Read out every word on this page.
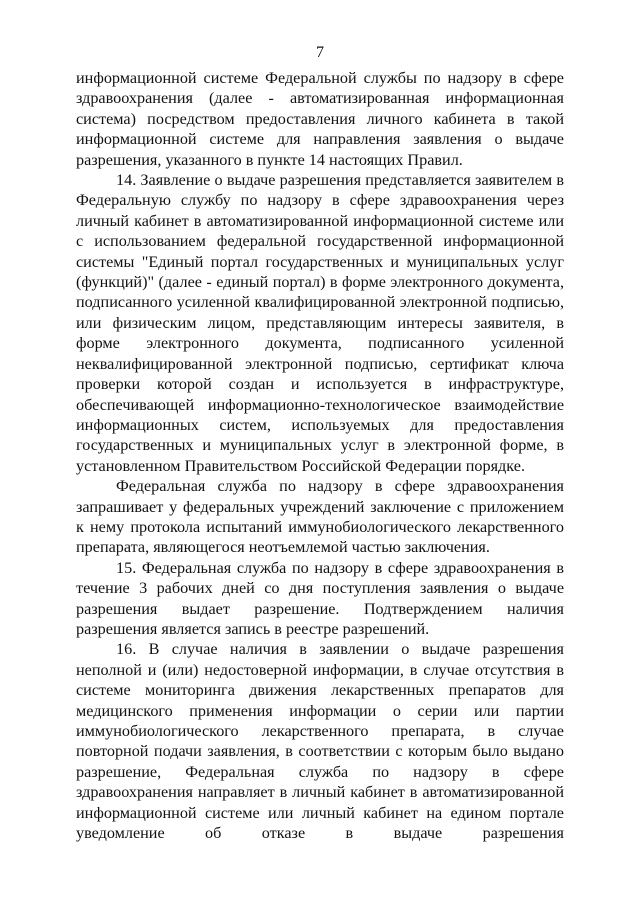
7

информационной системе Федеральной службы по надзору в сфере здравоохранения (далее - автоматизированная информационная система) посредством предоставления личного кабинета в такой информационной системе для направления заявления о выдаче разрешения, указанного в пункте 14 настоящих Правил.

14. Заявление о выдаче разрешения представляется заявителем в Федеральную службу по надзору в сфере здравоохранения через личный кабинет в автоматизированной информационной системе или с использованием федеральной государственной информационной системы "Единый портал государственных и муниципальных услуг (функций)" (далее - единый портал) в форме электронного документа, подписанного усиленной квалифицированной электронной подписью, или физическим лицом, представляющим интересы заявителя, в форме электронного документа, подписанного усиленной неквалифицированной электронной подписью, сертификат ключа проверки которой создан и используется в инфраструктуре, обеспечивающей информационно-технологическое взаимодействие информационных систем, используемых для предоставления государственных и муниципальных услуг в электронной форме, в установленном Правительством Российской Федерации порядке.

Федеральная служба по надзору в сфере здравоохранения запрашивает у федеральных учреждений заключение с приложением к нему протокола испытаний иммунобиологического лекарственного препарата, являющегося неотъемлемой частью заключения.

15. Федеральная служба по надзору в сфере здравоохранения в течение 3 рабочих дней со дня поступления заявления о выдаче разрешения выдает разрешение. Подтверждением наличия разрешения является запись в реестре разрешений.

16. В случае наличия в заявлении о выдаче разрешения неполной и (или) недостоверной информации, в случае отсутствия в системе мониторинга движения лекарственных препаратов для медицинского применения информации о серии или партии иммунобиологического лекарственного препарата, в случае повторной подачи заявления, в соответствии с которым было выдано разрешение, Федеральная служба по надзору в сфере здравоохранения направляет в личный кабинет в автоматизированной информационной системе или личный кабинет на едином портале уведомление об отказе в выдаче разрешения
